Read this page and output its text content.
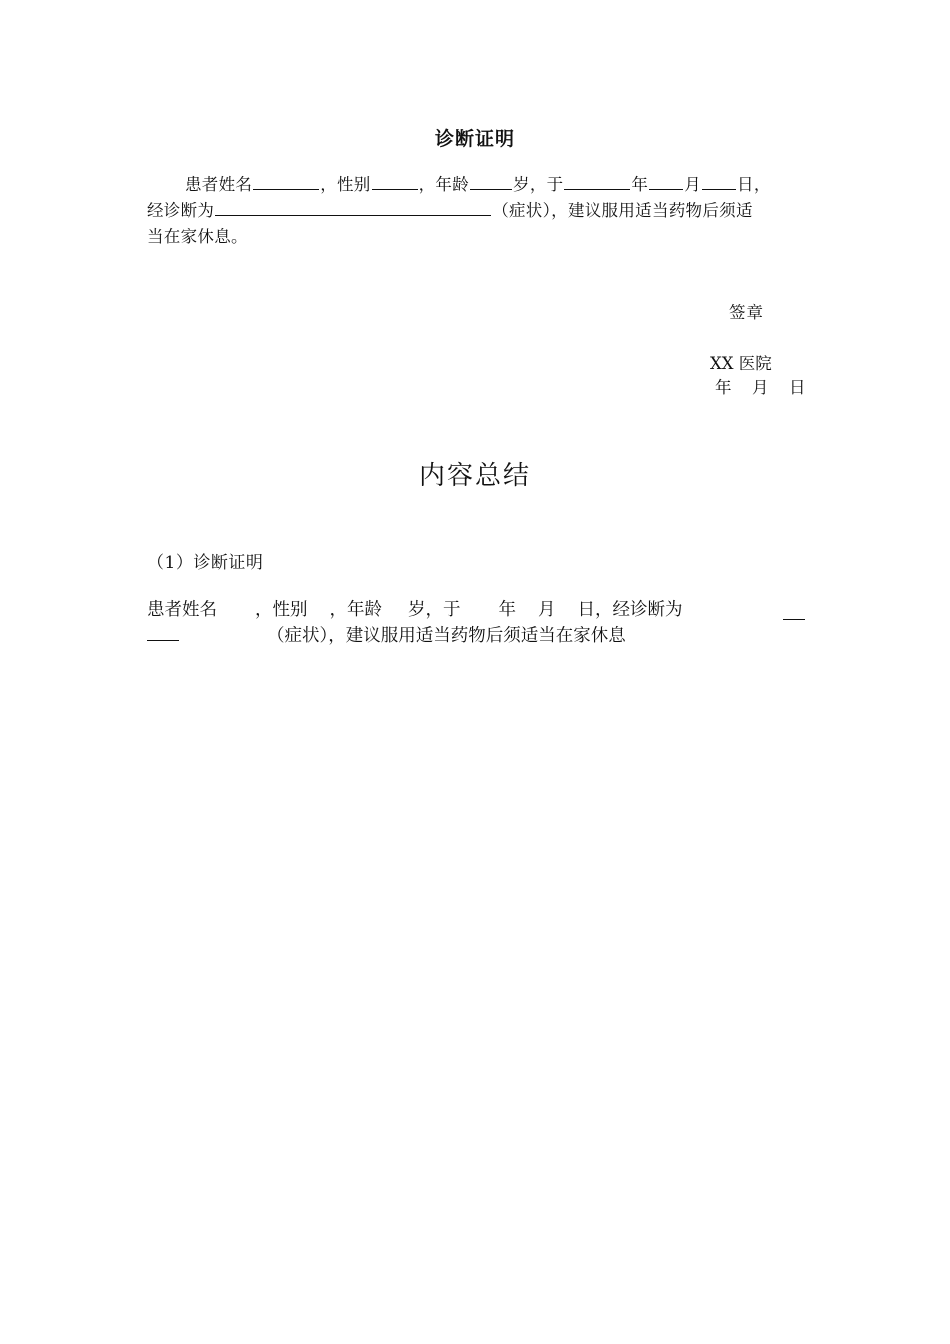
诊断证明

患者姓名	，性别	，年龄	岁，于	年 月 日，

经诊断为	（症状），建议服用适当药物后须适

当在家休息。

签章
XX 医院
年　月　日
内容总结
（1）诊断证明
患者姓名 ，性别 ，年龄 岁，于 年 月 日，经诊断为
（症状），建议服用适当药物后须适当在家休息
